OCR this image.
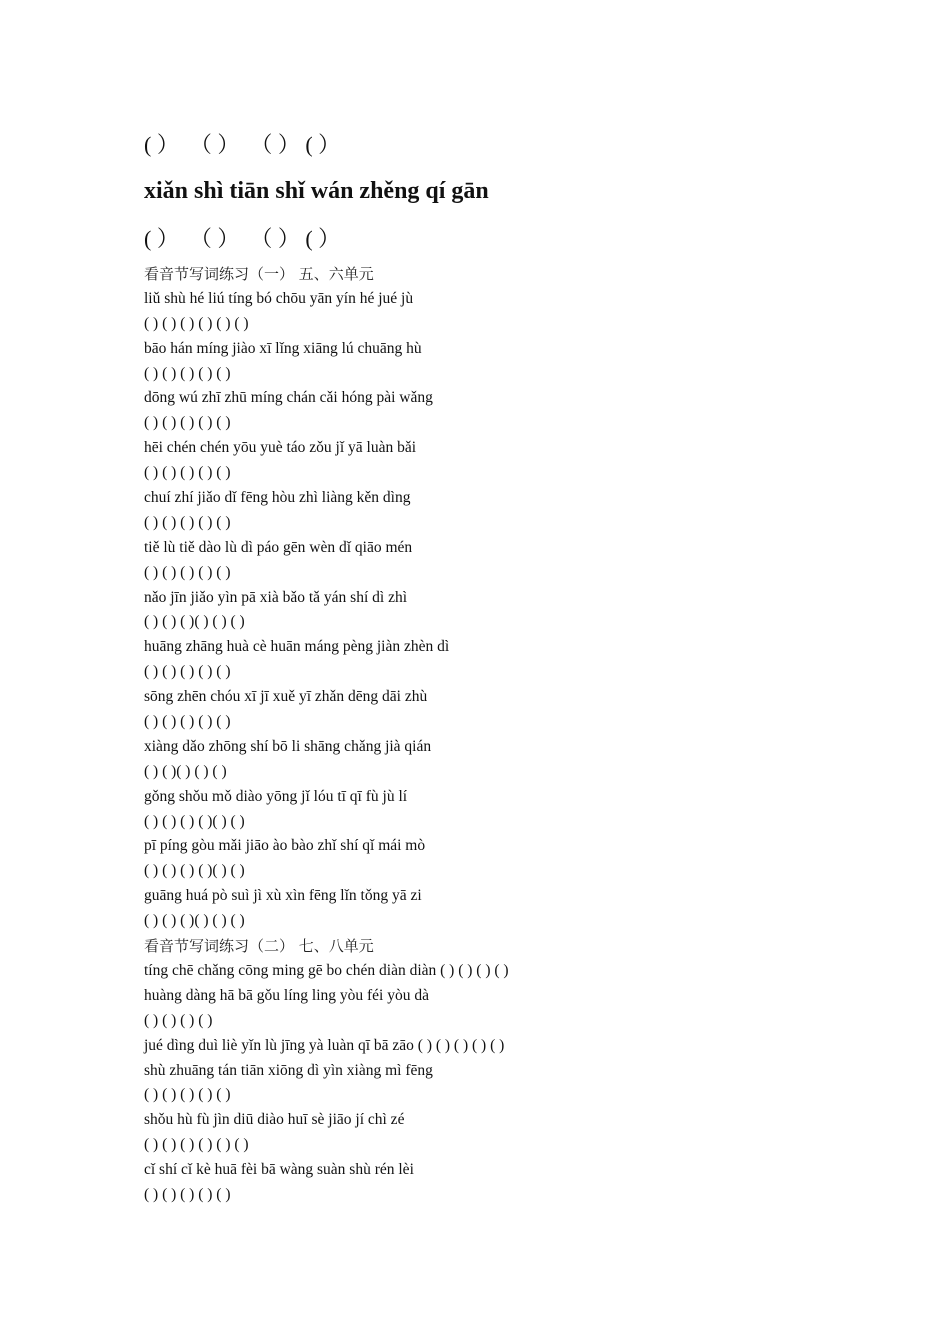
( ）  （ ）  （ ） ( ）
xiǎn shì tiān shǐ wán zhěng qí gān
( ）  （ ）  （ ） ( ）
看音节写词练习（一） 五、六单元
liǔ shù hé liú tíng bó chōu yān yín hé jué jù
( ) ( ) ( ) ( ) ( ) ( )
bāo hán míng jiào xī lǐng xiāng lú chuāng hù
( ) ( ) ( ) ( ) ( )
dōng wú zhī zhū míng chán cǎi hóng pài wǎng
( ) ( ) ( ) ( ) ( )
hēi chén chén yōu yuè táo zǒu jǐ yā luàn bǎi
( ) ( ) ( ) ( ) ( )
chuí zhí jiǎo dǐ fēng hòu zhì liàng kěn dìng
( ) ( ) ( ) ( ) ( )
tiě lù tiě dào lù dì páo gēn wèn dǐ qiāo mén
( ) ( ) ( ) ( ) ( )
nǎo jīn jiǎo yìn pā xià bǎo tǎ yán shí dì zhì
( ) ( ) ( )( ) ( ) ( )
huāng zhāng huà cè huān máng pèng jiàn zhèn dì
( ) ( ) ( ) ( ) ( )
sōng zhēn chóu xī jī xuě yī zhǎn dēng dāi zhù
( ) ( ) ( ) ( ) ( )
xiàng dǎo zhōng shí bō li shāng chǎng jià qián
( ) ( )( ) ( ) ( )
gǒng shǒu mǒ diào yōng jǐ lóu tī qī fù jù lí
( ) ( ) ( ) ( )( ) ( )
pī píng gòu mǎi jiāo ào bào zhǐ shí qǐ mái mò
( ) ( ) ( ) ( )( ) ( )
guāng huá pò suì jì xù xìn fēng lǐn tǒng yā zi
( ) ( ) ( )( ) ( ) ( )
看音节写词练习（二） 七、八单元
tíng chē chǎng cōng ming gē bo chén diàn diàn ( ) ( ) ( ) ( )
huàng dàng hā bā gǒu líng ling yòu féi yòu dà
( ) ( ) ( ) ( )
jué dìng duì liè yǐn lù jīng yà luàn qī bā zāo ( ) ( ) ( ) ( ) ( )
shù zhuāng tán tiān xiōng dì yìn xiàng mì fēng
( ) ( ) ( ) ( ) ( )
shǒu hù fù jìn diū diào huī sè jiāo jí chì zé
( ) ( ) ( ) ( ) ( ) ( )
cǐ shí cǐ kè huā fèi bā wàng suàn shù rén lèi
( ) ( ) ( ) ( ) ( )
